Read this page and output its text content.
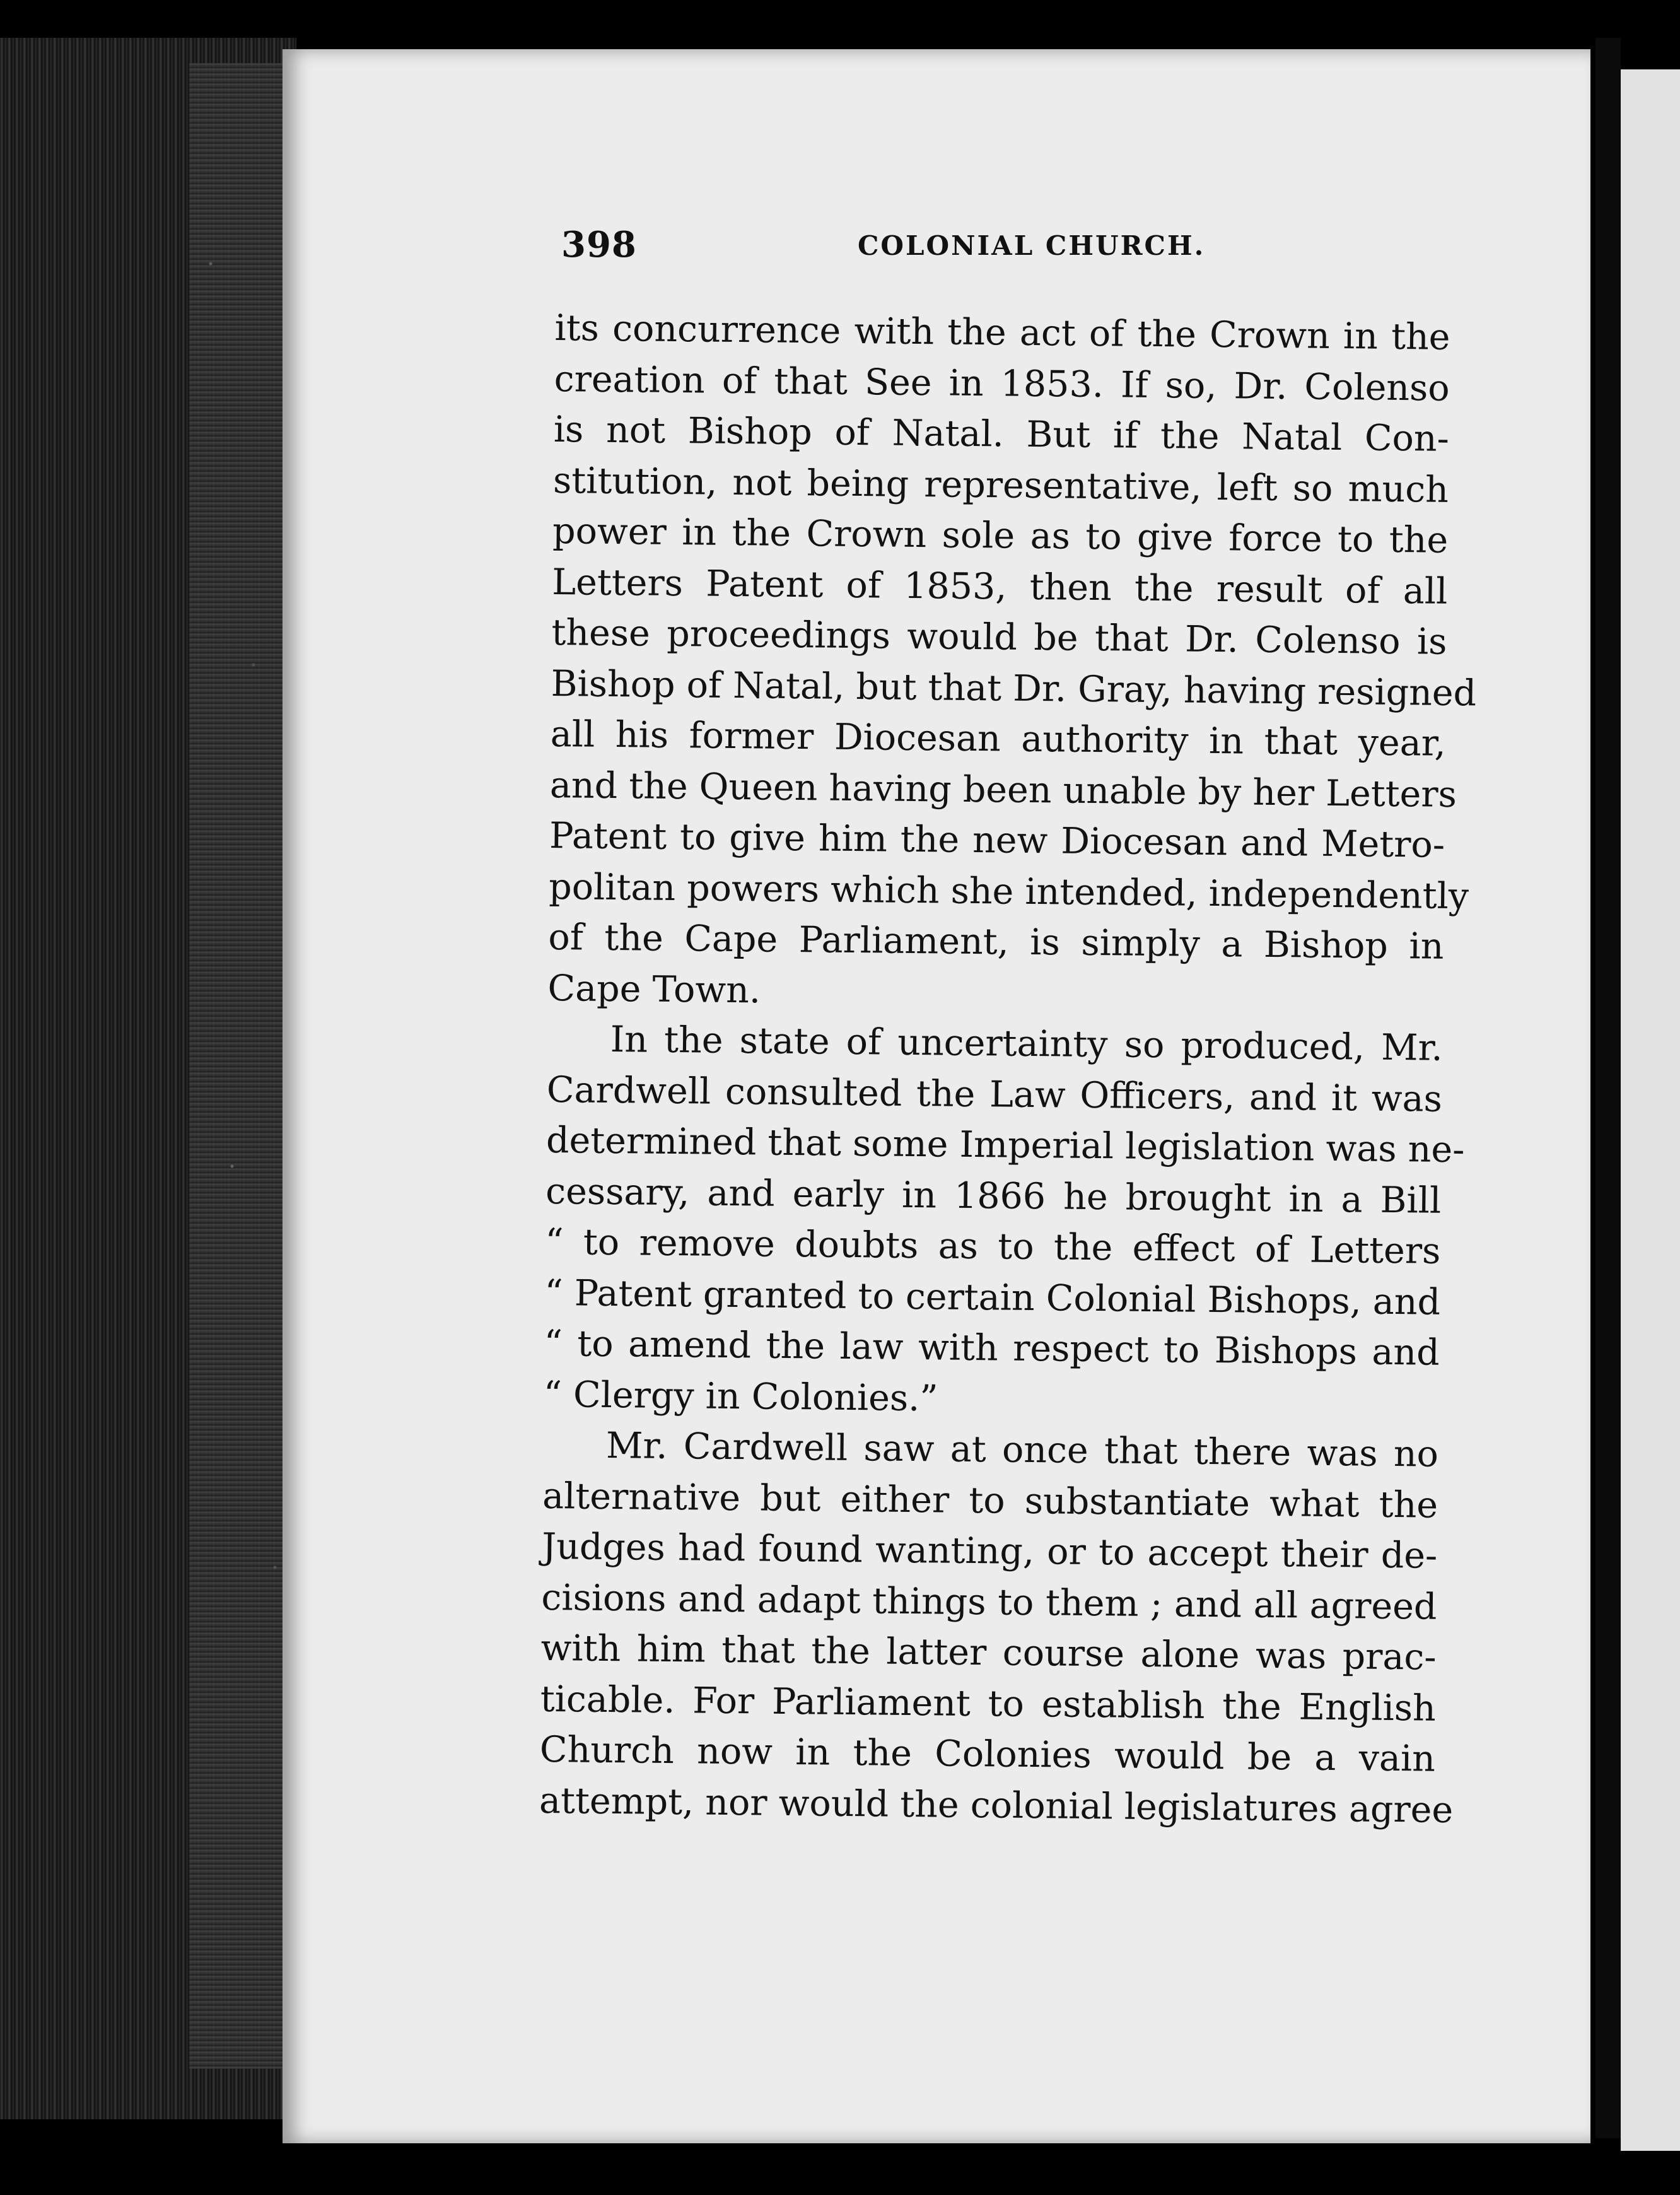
398	COLONIAL CHURCH.
its concurrence with the act of the Crown in the
creation of that See in 1853. If so, Dr. Colenso
is not Bishop of Natal. But if the Natal Con-
stitution, not being representative, left so much
power in the Crown sole as to give force to the
Letters Patent of 1853, then the result of all
these proceedings would be that Dr. Colenso is
Bishop of Natal, but that Dr. Gray, having resigned
all his former Diocesan authority in that year,
and the Queen having been unable by her Letters
Patent to give him the new Diocesan and Metro-
politan powers which she intended, independently
of the Cape Parliament, is simply a Bishop in
Cape Town.
In the state of uncertainty so produced, Mr.
Cardwell consulted the Law Officers, and it was
determined that some Imperial legislation was ne-
cessary, and early in 1866 he brought in a Bill
“ to remove doubts as to the effect of Letters
“ Patent granted to certain Colonial Bishops, and
“ to amend the law with respect to Bishops and
“ Clergy in Colonies.”
Mr. Cardwell saw at once that there was no
alternative but either to substantiate what the
Judges had found wanting, or to accept their de-
cisions and adapt things to them ; and all agreed
with him that the latter course alone was prac-
ticable. For Parliament to establish the English
Church now in the Colonies would be a vain
attempt, nor would the colonial legislatures agree
